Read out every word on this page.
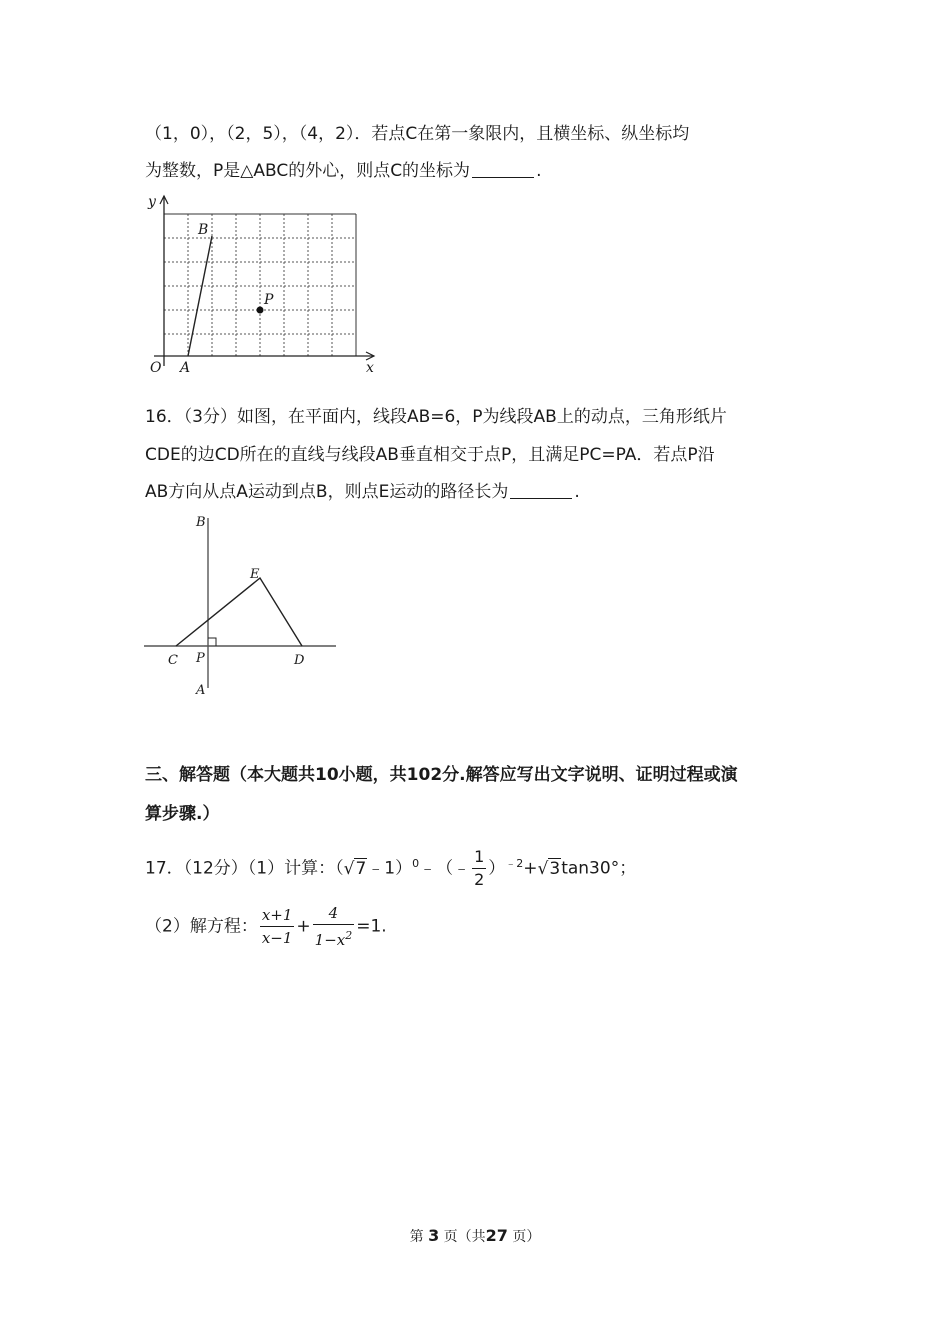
（1，0），（2，5），（4，2）．若点C在第一象限内，且横坐标、纵坐标均
为整数，P是△ABC的外心，则点C的坐标为	.
y
x
O A
B
P
16．（3分）如图，在平面内，线段AB=6，P为线段AB上的动点，三角形纸片
CDE的边CD所在的直线与线段AB垂直相交于点P，且满足PC=PA．若点P沿
AB方向从点A运动到点B，则点E运动的路径长为	.
B
E
C P	D
A
三、解答题（本大题共10小题，共102分.解答应写出文字说明、证明过程或演
算步骤.）
17．（12分）（1）计算：（√7﹣1）$^0$﹣（﹣ $\frac{1}{2} )^{﹣2}+√3\tan 30^\circ$；
（2）解方程： $\frac{x+1}{x-1} + \frac{4}{1-x^2} =1$.
第 3 页（共27 页）
